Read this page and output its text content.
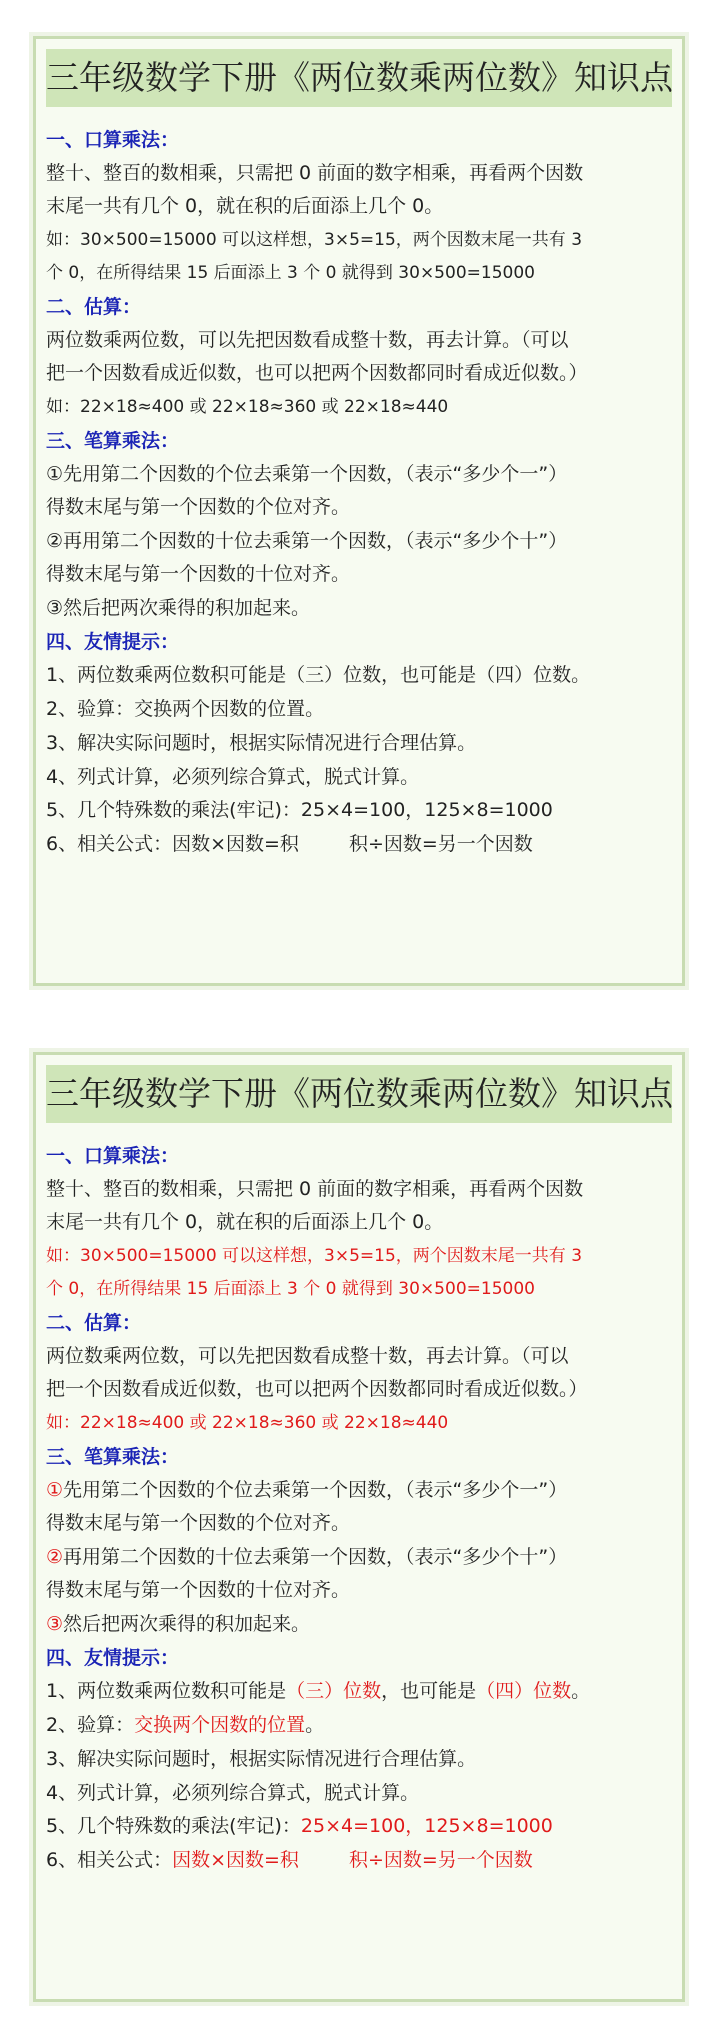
三年级数学下册《两位数乘两位数》知识点
一、口算乘法：
整十、整百的数相乘，只需把 0 前面的数字相乘，再看两个因数
末尾一共有几个 0，就在积的后面添上几个 0。
如：30×500=15000 可以这样想，3×5=15，两个因数末尾一共有 3
个 0，在所得结果 15 后面添上 3 个 0 就得到 30×500=15000
二、估算：
两位数乘两位数，可以先把因数看成整十数，再去计算。（可以
把一个因数看成近似数，也可以把两个因数都同时看成近似数。）
如：22×18≈400 或 22×18≈360 或 22×18≈440
三、笔算乘法：
①先用第二个因数的个位去乘第一个因数，（表示“多少个一”）
得数末尾与第一个因数的个位对齐。
②再用第二个因数的十位去乘第一个因数，（表示“多少个十”）
得数末尾与第一个因数的十位对齐。
③然后把两次乘得的积加起来。
四、友情提示：
1、两位数乘两位数积可能是（三）位数，也可能是（四）位数。
2、验算：交换两个因数的位置。
3、解决实际问题时，根据实际情况进行合理估算。
4、列式计算，必须列综合算式，脱式计算。
5、几个特殊数的乘法(牢记)：25×4=100，125×8=1000
6、相关公式：因数×因数=积	积÷因数=另一个因数
三年级数学下册《两位数乘两位数》知识点
一、口算乘法：
整十、整百的数相乘，只需把 0 前面的数字相乘，再看两个因数
末尾一共有几个 0，就在积的后面添上几个 0。
如：30×500=15000 可以这样想，3×5=15，两个因数末尾一共有 3
个 0，在所得结果 15 后面添上 3 个 0 就得到 30×500=15000
二、估算：
两位数乘两位数，可以先把因数看成整十数，再去计算。（可以
把一个因数看成近似数，也可以把两个因数都同时看成近似数。）
如：22×18≈400 或 22×18≈360 或 22×18≈440
三、笔算乘法：
①先用第二个因数的个位去乘第一个因数，（表示“多少个一”）
得数末尾与第一个因数的个位对齐。
②再用第二个因数的十位去乘第一个因数，（表示“多少个十”）
得数末尾与第一个因数的十位对齐。
③然后把两次乘得的积加起来。
四、友情提示：
1、两位数乘两位数积可能是（三）位数，也可能是（四）位数。
2、验算：交换两个因数的位置。
3、解决实际问题时，根据实际情况进行合理估算。
4、列式计算，必须列综合算式，脱式计算。
5、几个特殊数的乘法(牢记)：25×4=100，125×8=1000
6、相关公式：因数×因数=积	积÷因数=另一个因数
